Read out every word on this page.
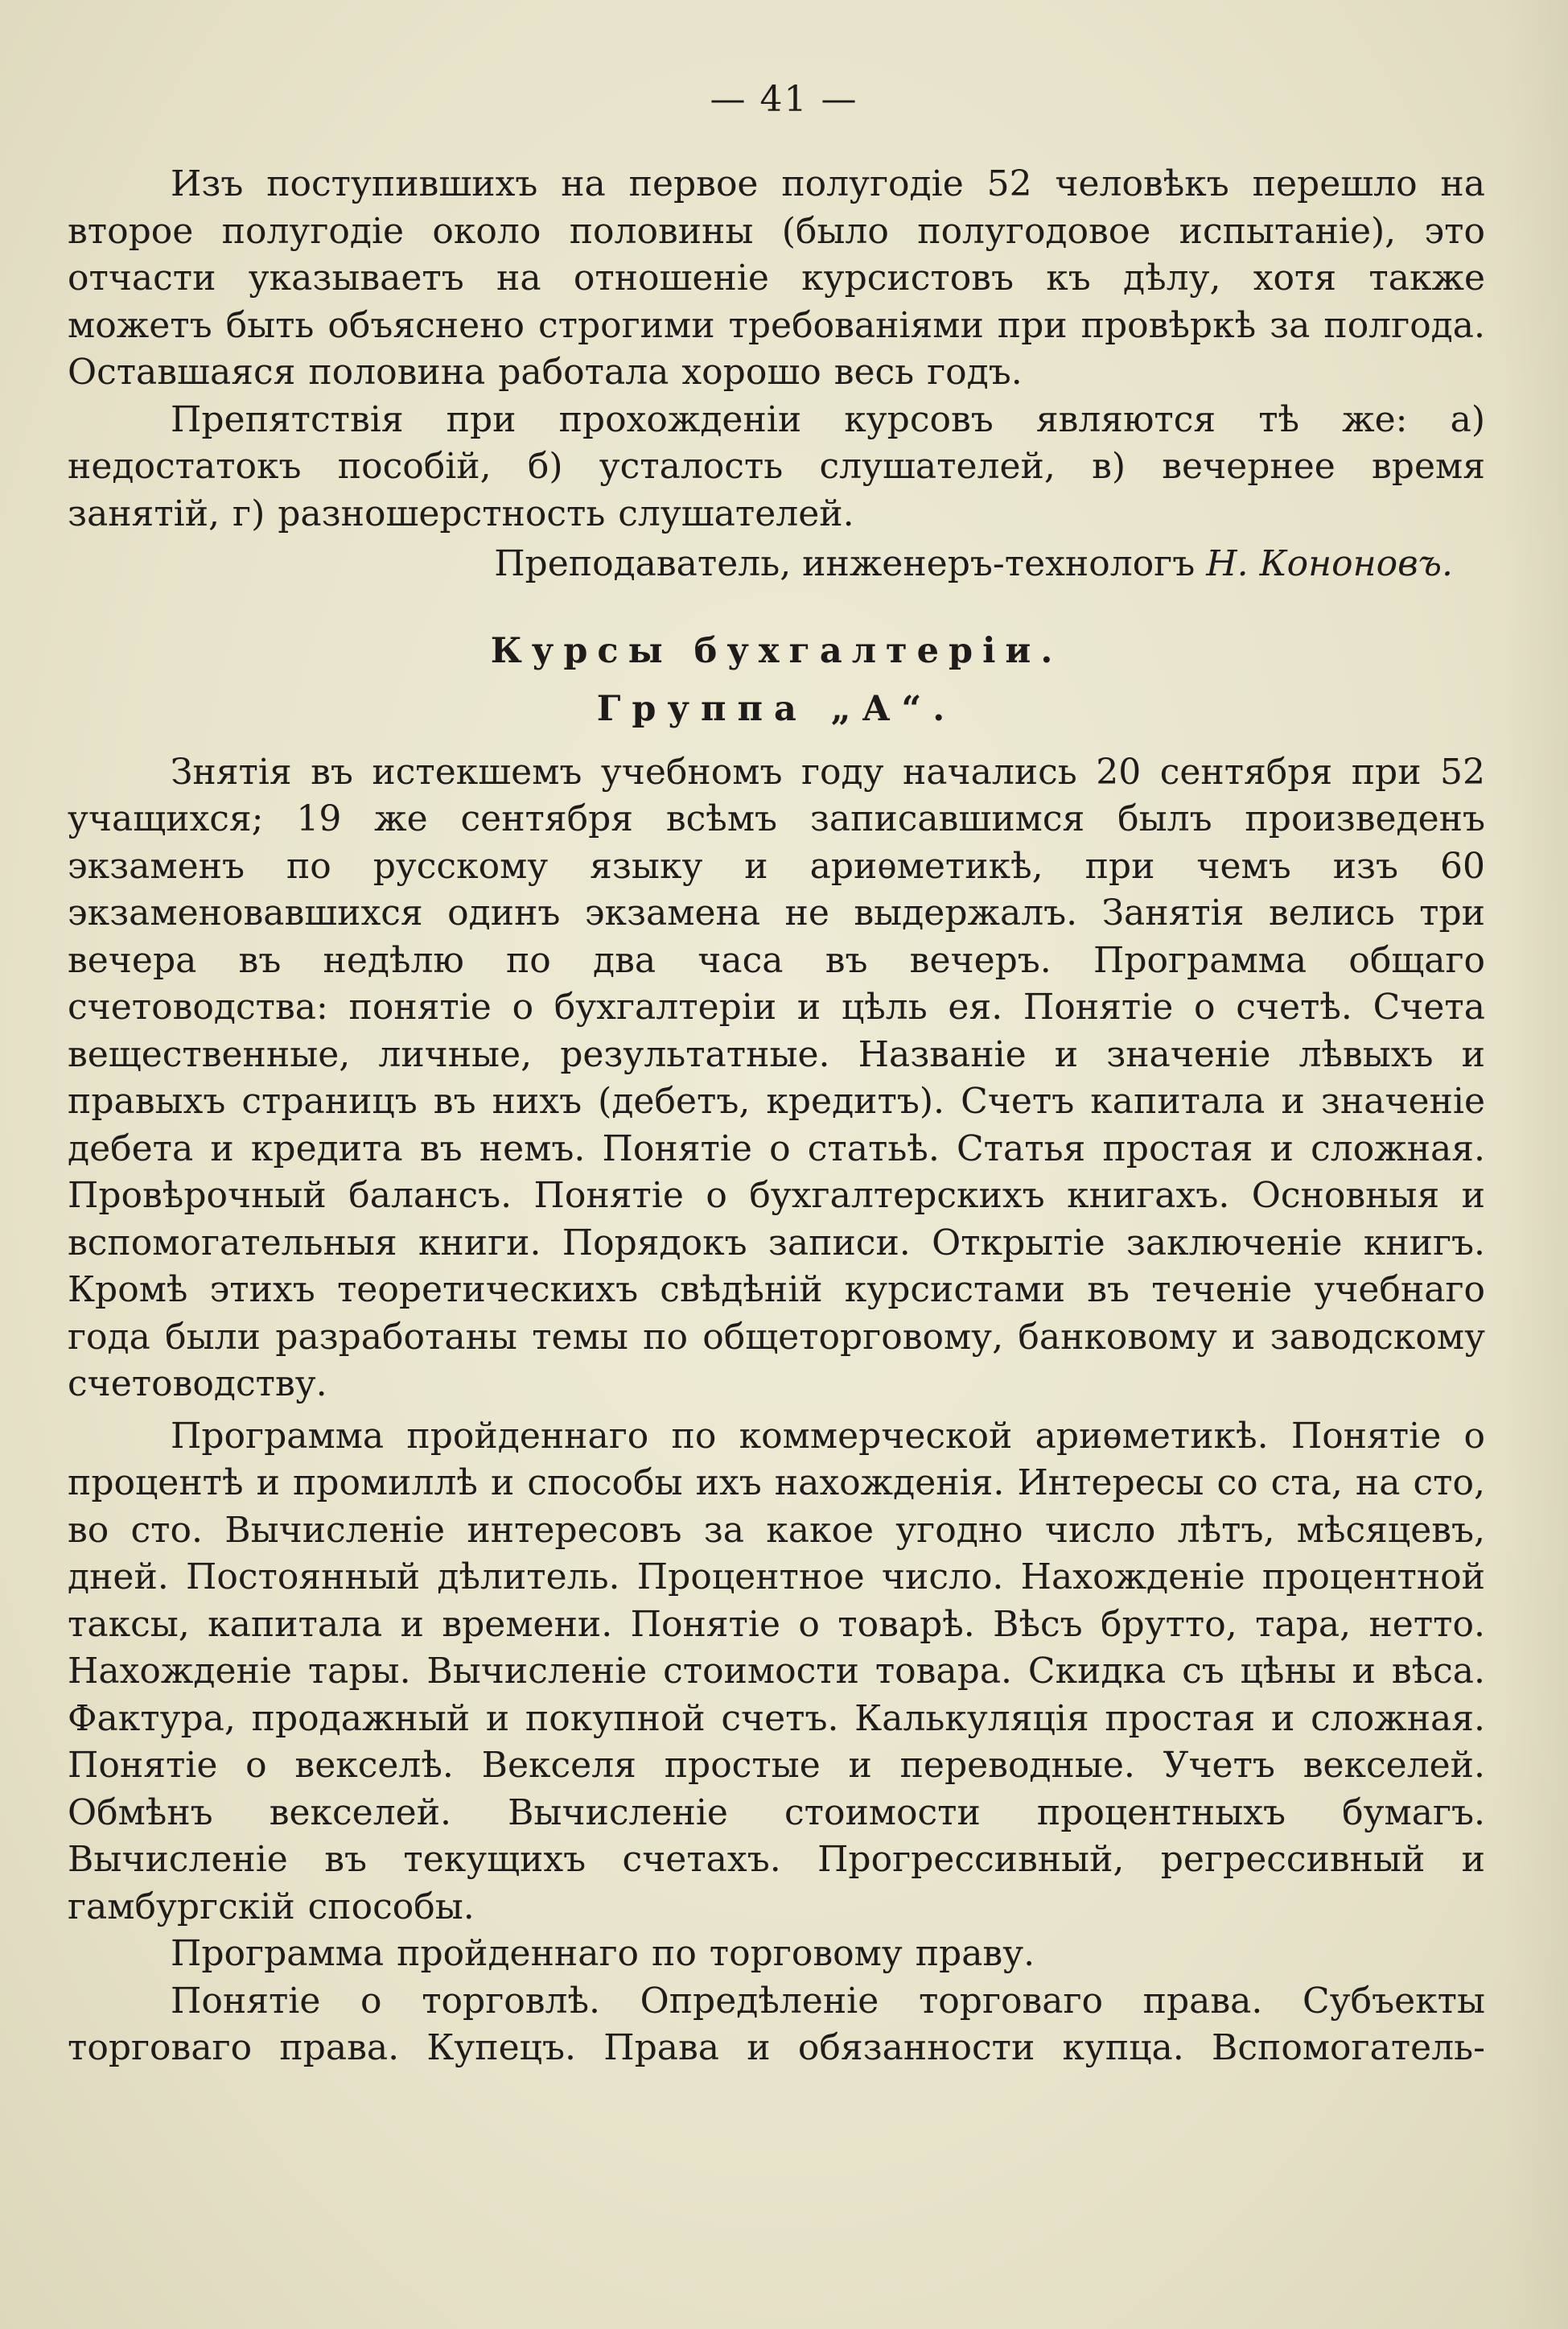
— 41 —

Изъ поступившихъ на первое полугодіе 52 человѣкъ перешло на второе полугодіе около половины (было полугодовое испытаніе), это отчасти указываетъ на отношеніе курсистовъ къ дѣлу, хотя также можетъ быть объяснено строгими требованіями при провѣркѣ за полгода. Оставшаяся половина работала хорошо весь годъ.

Препятствія при прохожденіи курсовъ являются тѣ же: а) недостатокъ пособій, б) усталость слушателей, в) вечернее время занятій, г) разношерстность слушателей.

Преподаватель, инженеръ-технологъ Н. Кононовъ.

Курсы бухгалтеріи.
Группа „А“.

Знятія въ истекшемъ учебномъ году начались 20 сентября при 52 учащихся; 19 же сентября всѣмъ записавшимся былъ произведенъ экзаменъ по русскому языку и ариѳметикѣ, при чемъ изъ 60 экзаменовавшихся одинъ экзамена не выдержалъ. Занятія велись три вечера въ недѣлю по два часа въ вечеръ. Программа общаго счетоводства: понятіе о бухгалтеріи и цѣль ея. Понятіе о счетѣ. Счета вещественные, личные, результатные. Названіе и значеніе лѣвыхъ и правыхъ страницъ въ нихъ (дебетъ, кредитъ). Счетъ капитала и значеніе дебета и кредита въ немъ. Понятіе о статьѣ. Статья простая и сложная. Провѣрочный балансъ. Понятіе о бухгалтерскихъ книгахъ. Основныя и вспомогательныя книги. Порядокъ записи. Открытіе заключеніе книгъ. Кромѣ этихъ теоретическихъ свѣдѣній курсистами въ теченіе учебнаго года были разработаны темы по общеторговому, банковому и заводскому счетоводству.

Программа пройденнаго по коммерческой ариѳметикѣ. Понятіе о процентѣ и промиллѣ и способы ихъ нахожденія. Интересы со ста, на сто, во сто. Вычисленіе интересовъ за какое угодно число лѣтъ, мѣсяцевъ, дней. Постоянный дѣлитель. Процентное число. Нахожденіе процентной таксы, капитала и времени. Понятіе о товарѣ. Вѣсъ брутто, тара, нетто. Нахожденіе тары. Вычисленіе стоимости товара. Скидка съ цѣны и вѣса. Фактура, продажный и покупной счетъ. Калькуляція простая и сложная. Понятіе о векселѣ. Векселя простые и переводные. Учетъ векселей. Обмѣнъ векселей. Вычисленіе стоимости процентныхъ бумагъ. Вычисленіе въ текущихъ счетахъ. Прогрессивный, регрессивный и гамбургскій способы.

Программа пройденнаго по торговому праву.

Понятіе о торговлѣ. Опредѣленіе торговаго права. Субъекты торговаго права. Купецъ. Права и обязанности купца. Вспомогатель-
